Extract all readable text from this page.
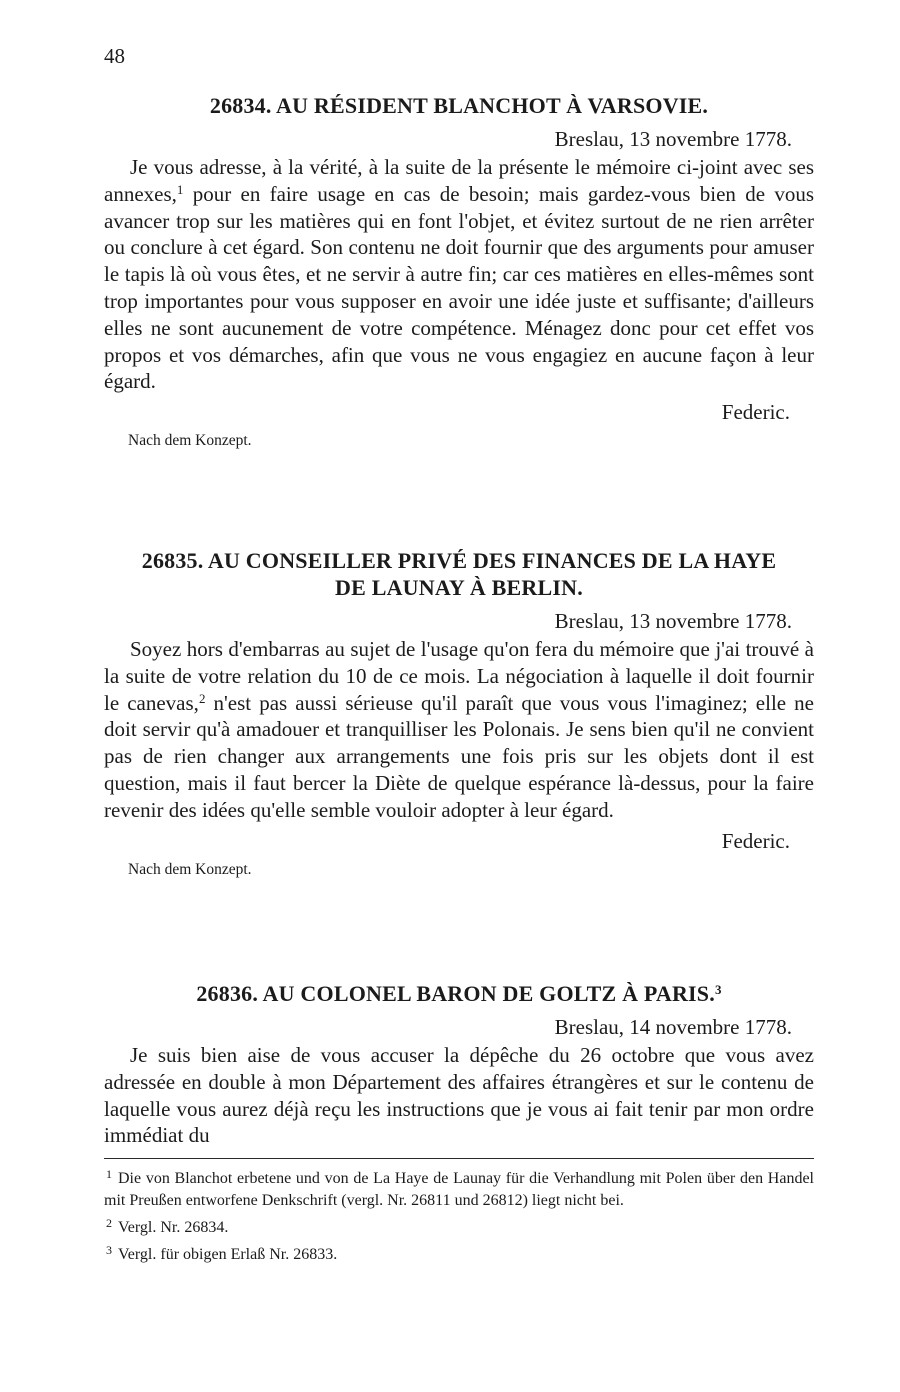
48
26834. AU RÉSIDENT BLANCHOT À VARSOVIE.
Breslau, 13 novembre 1778.

Je vous adresse, à la vérité, à la suite de la présente le mémoire ci-joint avec ses annexes,$^1$ pour en faire usage en cas de besoin; mais gardez-vous bien de vous avancer trop sur les matières qui en font l'objet, et évitez surtout de ne rien arrêter ou conclure à cet égard. Son contenu ne doit fournir que des arguments pour amuser le tapis là où vous êtes, et ne servir à autre fin; car ces matières en elles-mêmes sont trop importantes pour vous supposer en avoir une idée juste et suffisante; d'ailleurs elles ne sont aucunement de votre compétence. Ménagez donc pour cet effet vos propos et vos démarches, afin que vous ne vous engagiez en aucune façon à leur égard.

Federic.
Nach dem Konzept.
26835. AU CONSEILLER PRIVÉ DES FINANCES DE LA HAYE
DE LAUNAY À BERLIN.
Breslau, 13 novembre 1778.

Soyez hors d'embarras au sujet de l'usage qu'on fera du mémoire que j'ai trouvé à la suite de votre relation du 10 de ce mois. La négociation à laquelle il doit fournir le canevas,$^2$ n'est pas aussi sérieuse qu'il paraît que vous vous l'imaginez; elle ne doit servir qu'à amadouer et tranquilliser les Polonais. Je sens bien qu'il ne convient pas de rien changer aux arrangements une fois pris sur les objets dont il est question, mais il faut bercer la Diète de quelque espérance là-dessus, pour la faire revenir des idées qu'elle semble vouloir adopter à leur égard.

Federic.
Nach dem Konzept.
26836. AU COLONEL BARON DE GOLTZ À PARIS.$^3$
Breslau, 14 novembre 1778.

Je suis bien aise de vous accuser la dépêche du 26 octobre que vous avez adressée en double à mon Département des affaires étrangères et sur le contenu de laquelle vous aurez déjà reçu les instructions que je vous ai fait tenir par mon ordre immédiat du

$^1$ Die von Blanchot erbetene und von de La Haye de Launay für die Verhandlung mit Polen über den Handel mit Preußen entworfene Denkschrift (vergl. Nr. 26811 und 26812) liegt nicht bei.

$^2$ Vergl. Nr. 26834.

$^3$ Vergl. für obigen Erlaß Nr. 26833.
